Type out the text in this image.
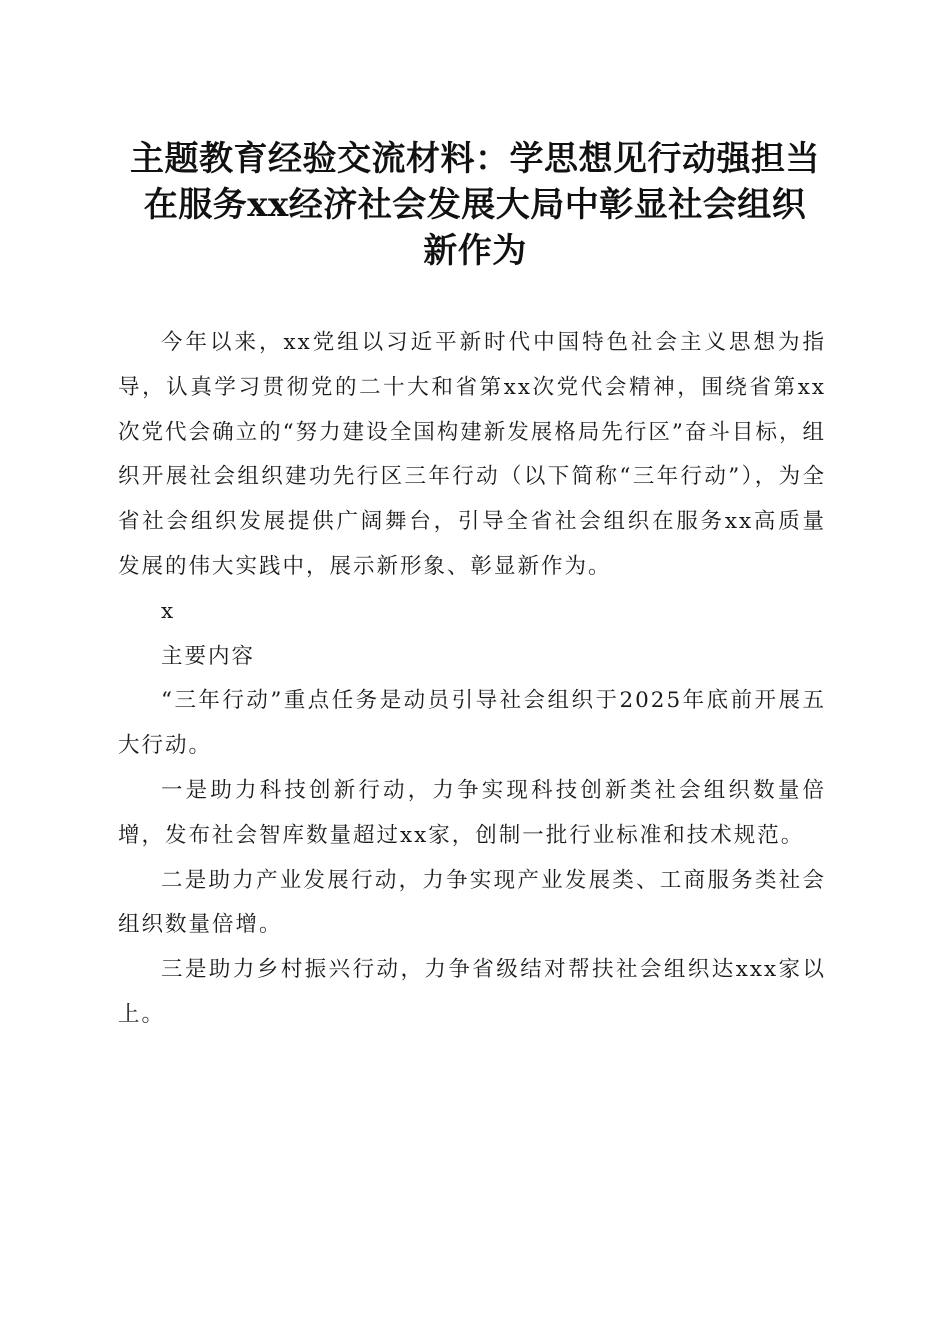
主题教育经验交流材料：学思想见行动强担当
在服务xx经济社会发展大局中彰显社会组织
新作为

今年以来，xx党组以习近平新时代中国特色社会主义思想为指导，认真学习贯彻党的二十大和省第xx次党代会精神，围绕省第xx次党代会确立的“努力建设全国构建新发展格局先行区”奋斗目标，组织开展社会组织建功先行区三年行动（以下简称“三年行动”），为全省社会组织发展提供广阔舞台，引导全省社会组织在服务xx高质量发展的伟大实践中，展示新形象、彰显新作为。

x

主要内容

“三年行动”重点任务是动员引导社会组织于2025年底前开展五大行动。

一是助力科技创新行动，力争实现科技创新类社会组织数量倍增，发布社会智库数量超过xx家，创制一批行业标准和技术规范。

二是助力产业发展行动，力争实现产业发展类、工商服务类社会组织数量倍增。

三是助力乡村振兴行动，力争省级结对帮扶社会组织达xxx家以上。
